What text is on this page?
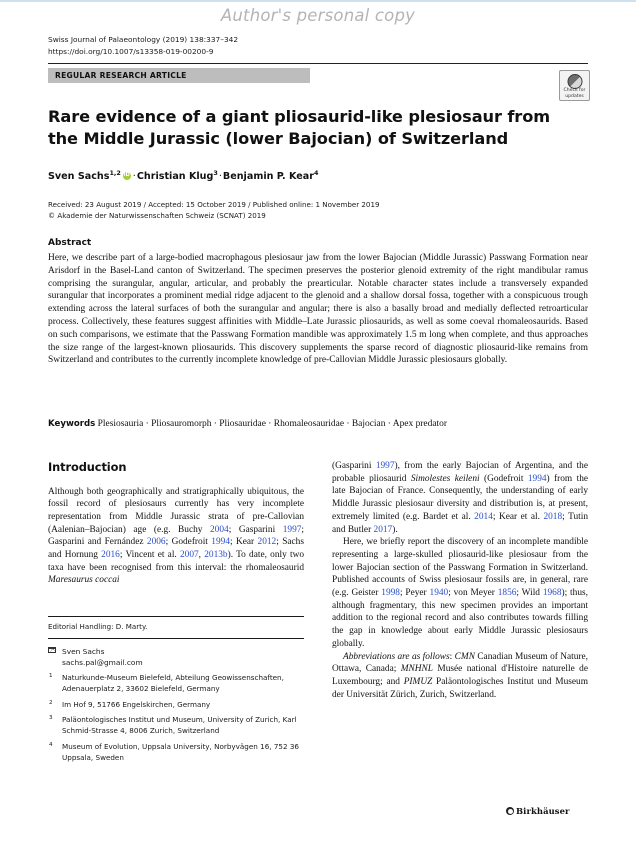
Author's personal copy
Swiss Journal of Palaeontology (2019) 138:337–342
https://doi.org/10.1007/s13358-019-00200-9
REGULAR RESEARCH ARTICLE
Check for
updates
Rare evidence of a giant pliosaurid-like plesiosaur from the Middle Jurassic (lower Bajocian) of Switzerland
Sven Sachs$^{1,2}$ iD ·Christian Klug$^3$·Benjamin P. Kear$^4$
Received: 23 August 2019 / Accepted: 15 October 2019 / Published online: 1 November 2019
© Akademie der Naturwissenschaften Schweiz (SCNAT) 2019
Abstract
Here, we describe part of a large-bodied macrophagous plesiosaur jaw from the lower Bajocian (Middle Jurassic) Passwang Formation near Arisdorf in the Basel-Land canton of Switzerland. The specimen preserves the posterior glenoid extremity of the right mandibular ramus comprising the surangular, angular, articular, and probably the prearticular. Notable character states include a transversely expanded surangular that incorporates a prominent medial ridge adjacent to the glenoid and a shallow dorsal fossa, together with a conspicuous trough extending across the lateral surfaces of both the surangular and angular; there is also a basally broad and medially deflected retroarticular process. Collectively, these features suggest affinities with Middle–Late Jurassic pliosaurids, as well as some coeval rhomaleosaurids. Based on such comparisons, we estimate that the Passwang Formation mandible was approximately 1.5 m long when complete, and thus approaches the size range of the largest-known pliosaurids. This discovery supplements the sparse record of diagnostic pliosaurid-like remains from Switzerland and contributes to the currently incomplete knowledge of pre-Callovian Middle Jurassic plesiosaurs globally.
Keywords Plesiosauria · Pliosauromorph · Pliosauridae · Rhomaleosauridae · Bajocian · Apex predator
Introduction

Although both geographically and stratigraphically ubiquitous, the fossil record of plesiosaurs currently has very incomplete representation from Middle Jurassic strata of pre-Callovian (Aalenian–Bajocian) age (e.g. Buchy 2004; Gasparini 1997; Gasparini and Fernández 2006; Godefroit 1994; Kear 2012; Sachs and Hornung 2016; Vincent et al. 2007, 2013b). To date, only two taxa have been recognised from this interval: the rhomaleosaurid Maresaurus coccai

(Gasparini 1997), from the early Bajocian of Argentina, and the probable pliosaurid Simolestes keileni (Godefroit 1994) from the late Bajocian of France. Consequently, the understanding of early Middle Jurassic plesiosaur diversity and distribution is, at present, extremely limited (e.g. Bardet et al. 2014; Kear et al. 2018; Tutin and Butler 2017).

Here, we briefly report the discovery of an incomplete mandible representing a large-skulled pliosaurid-like plesiosaur from the lower Bajocian section of the Passwang Formation in Switzerland. Published accounts of Swiss plesiosaur fossils are, in general, rare (e.g. Geister 1998; Peyer 1940; von Meyer 1856; Wild 1968); thus, although fragmentary, this new specimen provides an important addition to the regional record and also contributes towards filling the gap in knowledge about early Middle Jurassic plesiosaurs globally.

Abbreviations are as follows: CMN Canadian Museum of Nature, Ottawa, Canada; MNHNL Musée national d'Histoire naturelle de Luxembourg; and PIMUZ Paläontologisches Institut und Museum der Universität Zürich, Zurich, Switzerland.

Editorial Handling: D. Marty.
Sven Sachs
sachs.pal@gmail.com
1 Naturkunde-Museum Bielefeld, Abteilung Geowissenschaften, Adenauerplatz 2, 33602 Bielefeld, Germany
2 Im Hof 9, 51766 Engelskirchen, Germany
3 Paläontologisches Institut und Museum, University of Zurich, Karl Schmid-Strasse 4, 8006 Zurich, Switzerland
4 Museum of Evolution, Uppsala University, Norbyvägen 16, 752 36 Uppsala, Sweden
Birkhäuser
